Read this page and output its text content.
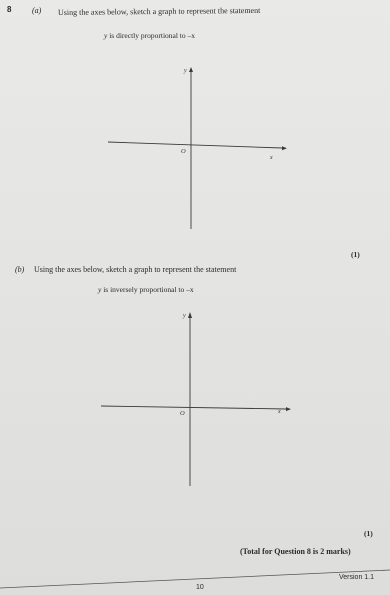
8	(a) Using the axes below, sketch a graph to represent the statement
y is directly proportional to –x
y
x
O
y
x
O
(1)
(b) Using the axes below, sketch a graph to represent the statement
y is inversely proportional to –x
(1)
(Total for Question 8 is 2 marks)
10
Version 1.1
